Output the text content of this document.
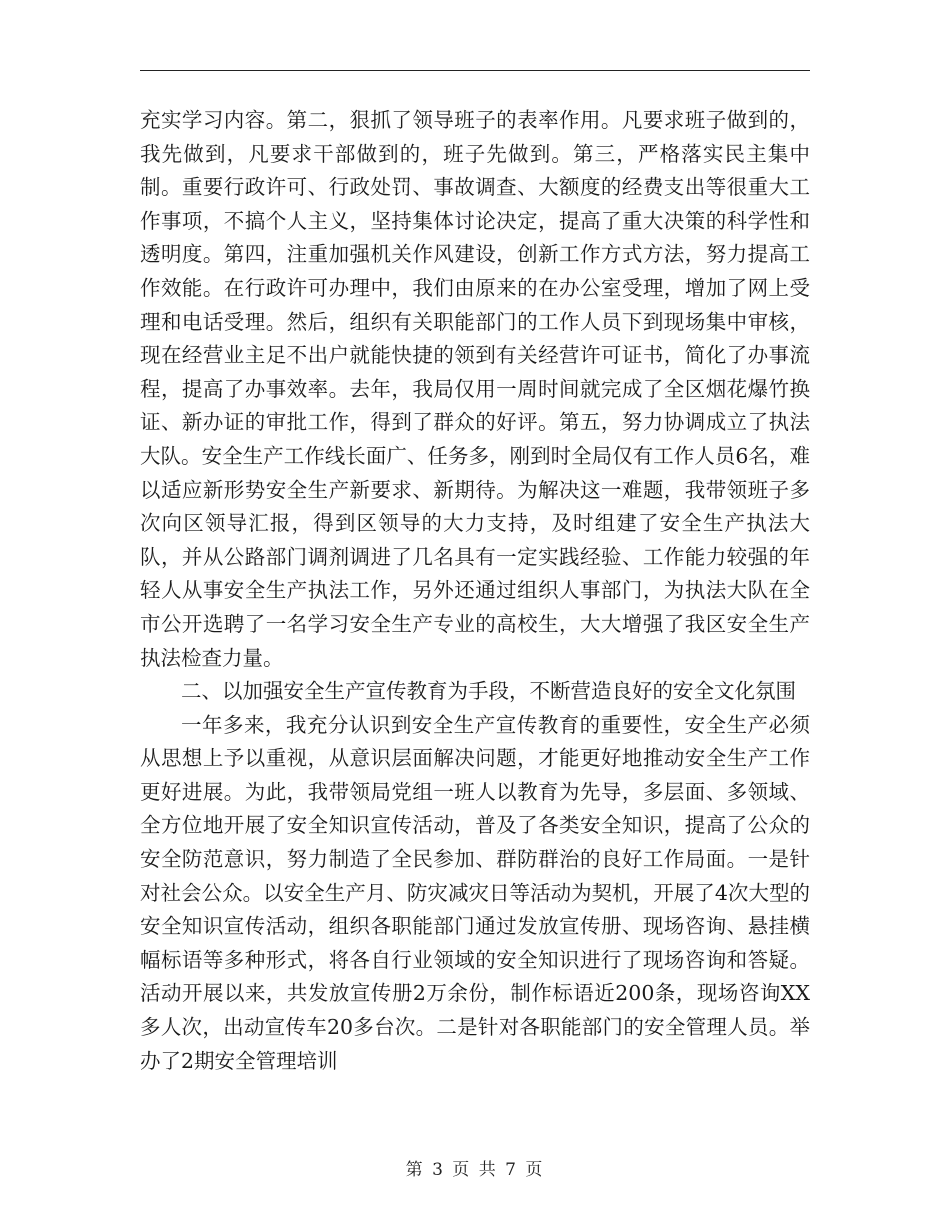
充实学习内容。第二，狠抓了领导班子的表率作用。凡要求班子做到的，我先做到，凡要求干部做到的，班子先做到。第三，严格落实民主集中制。重要行政许可、行政处罚、事故调查、大额度的经费支出等很重大工作事项，不搞个人主义，坚持集体讨论决定，提高了重大决策的科学性和透明度。第四，注重加强机关作风建设，创新工作方式方法，努力提高工作效能。在行政许可办理中，我们由原来的在办公室受理，增加了网上受理和电话受理。然后，组织有关职能部门的工作人员下到现场集中审核，现在经营业主足不出户就能快捷的领到有关经营许可证书，简化了办事流程，提高了办事效率。去年，我局仅用一周时间就完成了全区烟花爆竹换证、新办证的审批工作，得到了群众的好评。第五，努力协调成立了执法大队。安全生产工作线长面广、任务多，刚到时全局仅有工作人员6名，难以适应新形势安全生产新要求、新期待。为解决这一难题，我带领班子多次向区领导汇报，得到区领导的大力支持，及时组建了安全生产执法大队，并从公路部门调剂调进了几名具有一定实践经验、工作能力较强的年轻人从事安全生产执法工作，另外还通过组织人事部门，为执法大队在全市公开选聘了一名学习安全生产专业的高校生，大大增强了我区安全生产执法检查力量。

二、以加强安全生产宣传教育为手段，不断营造良好的安全文化氛围

一年多来，我充分认识到安全生产宣传教育的重要性，安全生产必须从思想上予以重视，从意识层面解决问题，才能更好地推动安全生产工作更好进展。为此，我带领局党组一班人以教育为先导，多层面、多领域、全方位地开展了安全知识宣传活动，普及了各类安全知识，提高了公众的安全防范意识，努力制造了全民参加、群防群治的良好工作局面。一是针对社会公众。以安全生产月、防灾减灾日等活动为契机，开展了4次大型的安全知识宣传活动，组织各职能部门通过发放宣传册、现场咨询、悬挂横幅标语等多种形式，将各自行业领域的安全知识进行了现场咨询和答疑。活动开展以来，共发放宣传册2万余份，制作标语近200条，现场咨询XX多人次，出动宣传车20多台次。二是针对各职能部门的安全管理人员。举办了2期安全管理培训

第 3 页 共 7 页
